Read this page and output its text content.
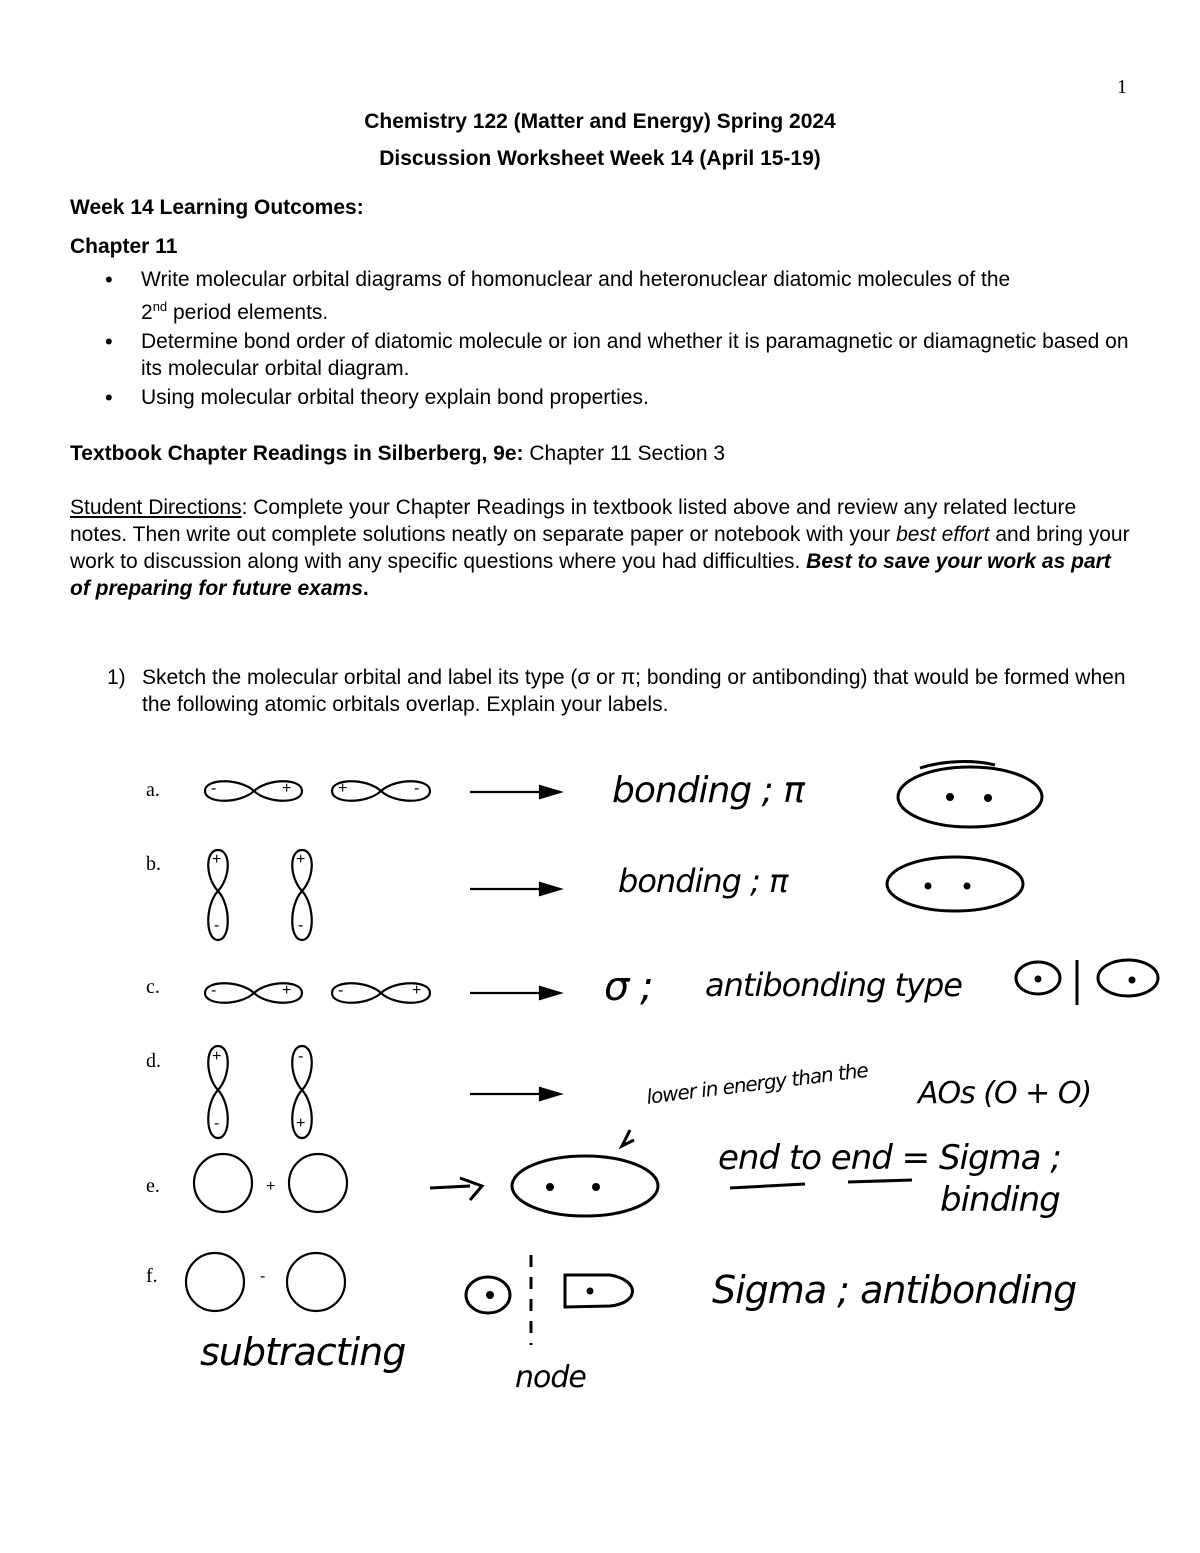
1
Chemistry 122 (Matter and Energy) Spring 2024
Discussion Worksheet Week 14 (April 15-19)
Week 14 Learning Outcomes:
Chapter 11
• Write molecular orbital diagrams of homonuclear and heteronuclear diatomic molecules of the
2nd period elements.
• Determine bond order of diatomic molecule or ion and whether it is paramagnetic or diamagnetic based on its molecular orbital diagram.
• Using molecular orbital theory explain bond properties.
Textbook Chapter Readings in Silberberg, 9e: Chapter 11 Section 3
Student Directions: Complete your Chapter Readings in textbook listed above and review any related lecture notes. Then write out complete solutions neatly on separate paper or notebook with your best effort and bring your work to discussion along with any specific questions where you had difficulties. Best to save your work as part of preparing for future exams.
1) Sketch the molecular orbital and label its type (σ or π; bonding or antibonding) that would be formed when the following atomic orbitals overlap. Explain your labels.
a.
b.
c.
d.
e.
f.
-	+	+	-
+
-
+
-
-	+	-	+
+
-
-
+
+
-
bonding ; π
bonding ; π
σ ; antibonding type
lower in energy than the AOs (O + O)
end to end = Sigma ;
binding
Sigma ; antibonding
subtracting
node
